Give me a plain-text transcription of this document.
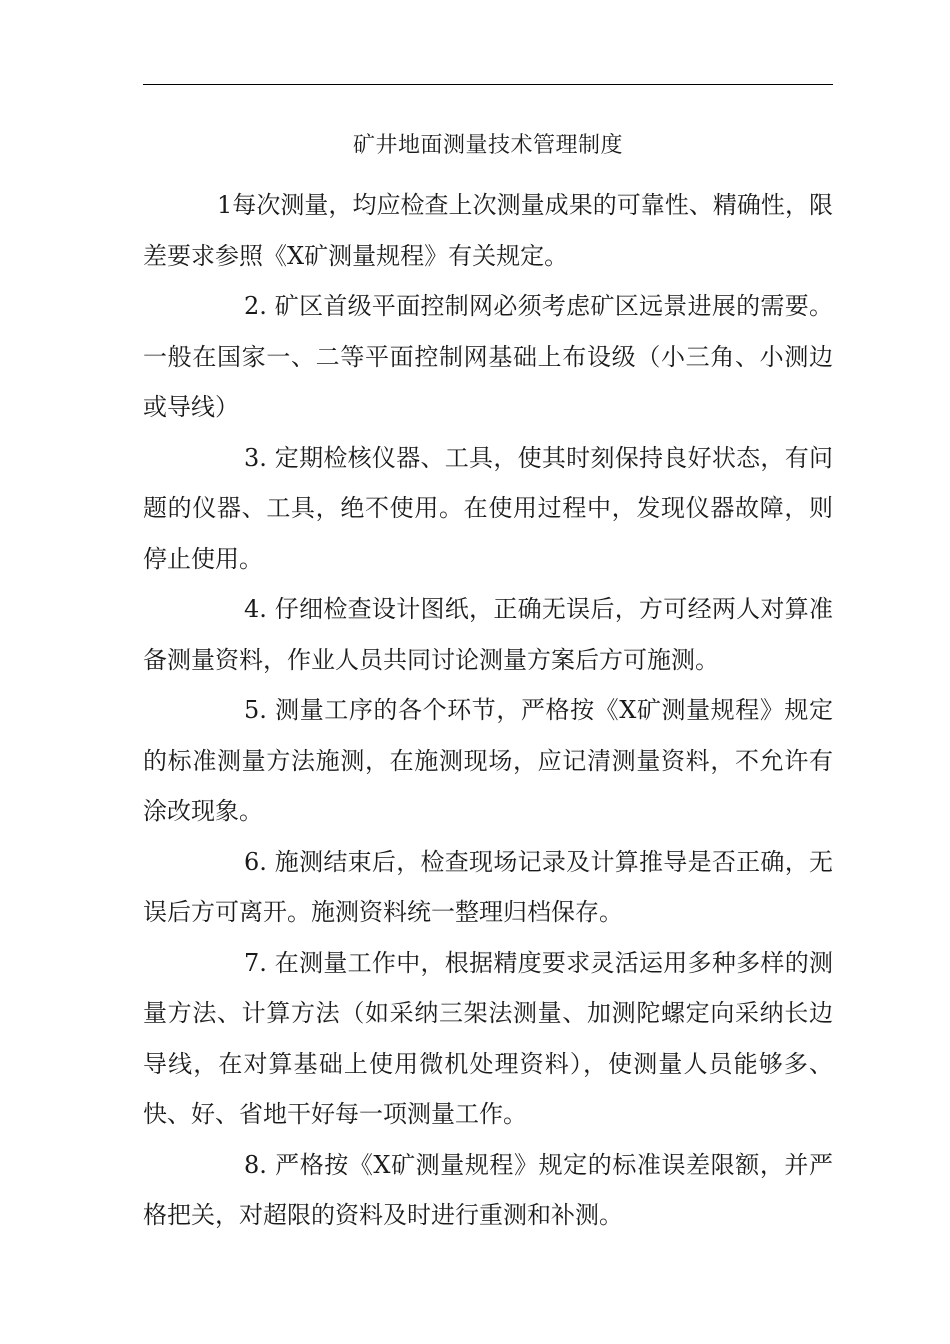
矿井地面测量技术管理制度

1每次测量，均应检查上次测量成果的可靠性、精确性，限差要求参照《X矿测量规程》有关规定。

2. 矿区首级平面控制网必须考虑矿区远景进展的需要。一般在国家一、二等平面控制网基础上布设级（小三角、小测边或导线）

3. 定期检核仪器、工具，使其时刻保持良好状态，有问题的仪器、工具，绝不使用。在使用过程中，发现仪器故障，则停止使用。

4. 仔细检查设计图纸，正确无误后，方可经两人对算准备测量资料，作业人员共同讨论测量方案后方可施测。

5. 测量工序的各个环节，严格按《X矿测量规程》规定的标准测量方法施测，在施测现场，应记清测量资料，不允许有涂改现象。

6. 施测结束后，检查现场记录及计算推导是否正确，无误后方可离开。施测资料统一整理归档保存。

7. 在测量工作中，根据精度要求灵活运用多种多样的测量方法、计算方法（如采纳三架法测量、加测陀螺定向采纳长边导线，在对算基础上使用微机处理资料），使测量人员能够多、快、好、省地干好每一项测量工作。

8. 严格按《X矿测量规程》规定的标准误差限额，并严格把关，对超限的资料及时进行重测和补测。
